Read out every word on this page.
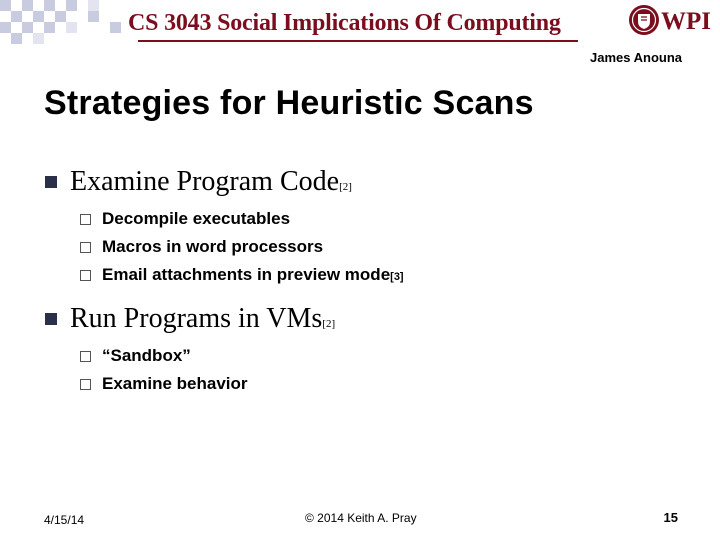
CS 3043 Social Implications Of Computing	WPI
James Anouna
Strategies for Heuristic Scans
Examine Program Code[2]
Decompile executables
Macros in word processors
Email attachments in preview mode[3]
Run Programs in VMs[2]
“Sandbox”
Examine behavior
4/15/14	© 2014 Keith A. Pray	15
